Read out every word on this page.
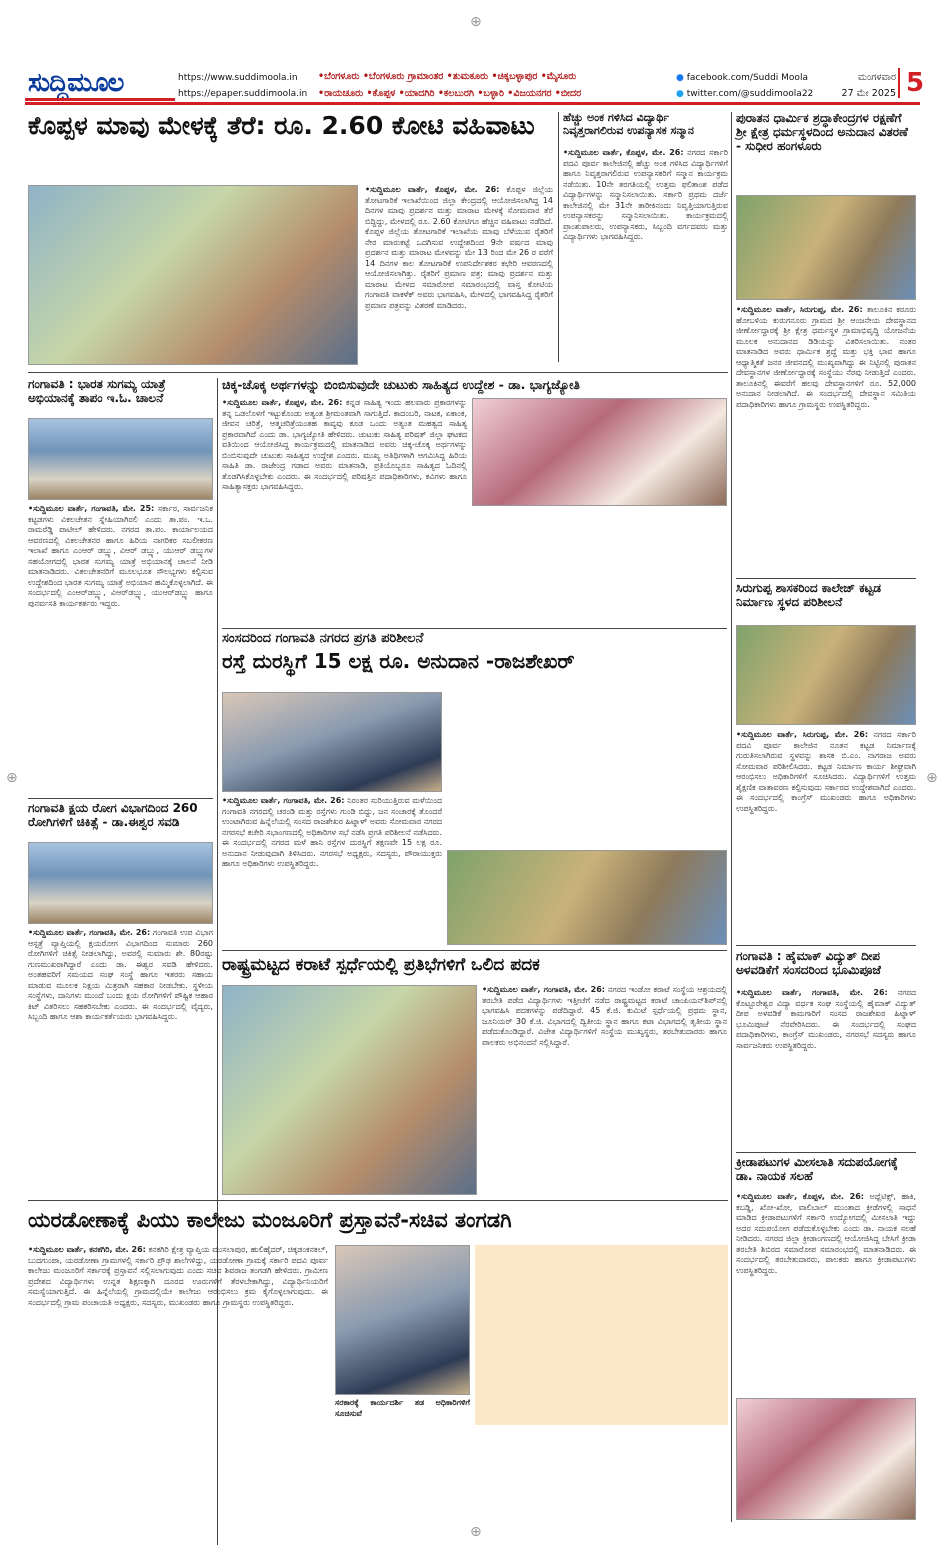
⊕
ಸುದ್ದಿಮೂಲ	https://www.suddimoola.in
https://epaper.suddimoola.in
•ಬೆಂಗಳೂರು •ಬೆಂಗಳೂರು ಗ್ರಾಮಾಂತರ •ತುಮಕೂರು •ಚಿಕ್ಕಬಳ್ಳಾಪುರ •ಮೈಸೂರು
•ರಾಯಚೂರು •ಕೊಪ್ಪಳ •ಯಾದಗಿರಿ •ಕಲಬುರಗಿ •ಬಳ್ಳಾರಿ •ವಿಜಯನಗರ •ಬೀದರ
● facebook.com/Suddi Moola
● twitter.com/@suddimoola22
ಮಂಗಳವಾರ
27 ಮೇ 2025 5
ಕೊಪ್ಪಳ ಮಾವು ಮೇಳಕ್ಕೆ ತೆರೆ: ರೂ. 2.60 ಕೋಟಿ ವಹಿವಾಟು
•ಸುದ್ದಿಮೂಲ ವಾರ್ತೆ, ಕೊಪ್ಪಳ, ಮೇ. 26: ಕೊಪ್ಪಳ ಜಿಲ್ಲೆಯ ತೋಟಗಾರಿಕೆ ಇಲಾಖೆಯಿಂದ ಜಿಲ್ಲಾ ಕೇಂದ್ರದಲ್ಲಿ ಆಯೋಜಿಸಲಾಗಿದ್ದ 14 ದಿನಗಳ ಮಾವು ಪ್ರದರ್ಶನ ಮತ್ತು ಮಾರಾಟ ಮೇಳಕ್ಕೆ ಸೋಮವಾರ ತೆರೆ ಬಿದ್ದಿದ್ದು, ಮೇಳದಲ್ಲಿ ರೂ. 2.60 ಕೋಟಿಗೂ ಹೆಚ್ಚಿನ ವಹಿವಾಟು ನಡೆದಿದೆ. ಕೊಪ್ಪಳ ಜಿಲ್ಲೆಯ ತೋಟಗಾರಿಕೆ ಇಲಾಖೆಯ ಮಾವು ಬೆಳೆಯುವ ರೈತರಿಗೆ ನೇರ ಮಾರುಕಟ್ಟೆ ಒದಗಿಸುವ ಉದ್ದೇಶದಿಂದ 9ನೇ ವರ್ಷದ ಮಾವು ಪ್ರದರ್ಶನ ಮತ್ತು ಮಾರಾಟ ಮೇಳವನ್ನು ಮೇ 13 ರಿಂದ ಮೇ 26 ರ ವರೆಗೆ 14 ದಿನಗಳ ಕಾಲ ತೋಟಗಾರಿಕೆ ಉಪನಿರ್ದೇಶಕರ ಕಛೇರಿ ಆವರಣದಲ್ಲಿ ಆಯೋಜಿಸಲಾಗಿತ್ತು. ರೈತರಿಗೆ ಪ್ರಮಾಣ ಪತ್ರ: ಮಾವು ಪ್ರದರ್ಶನ ಮತ್ತು ಮಾರಾಟ ಮೇಳದ ಸಮಾರೋಪ ಸಮಾರಂಭದಲ್ಲಿ ವಾಸ್ತ ಕೋಟಿಯ ಗಂಗಾವತಿ ವಾಕಳೆಕ್ ಅವರು ಭಾಗವಹಿಸಿ, ಮೇಳದಲ್ಲಿ ಭಾಗವಹಿಸಿದ್ದ ರೈತರಿಗೆ ಪ್ರಮಾಣ ಪತ್ರವನ್ನು ವಿತರಣೆ ಮಾಡಿದರು.
ಹೆಚ್ಚು ಅಂಕ ಗಳಿಸಿದ ವಿದ್ಯಾರ್ಥಿ ನಿವೃತ್ತರಾಗಲಿರುವ ಉಪನ್ಯಾಸಕ ಸನ್ಮಾನ
•ಸುದ್ದಿಮೂಲ ವಾರ್ತೆ, ಕೊಪ್ಪಳ, ಮೇ. 26: ನಗರದ ಸರ್ಕಾರಿ ಪದವಿ ಪೂರ್ವ ಕಾಲೇಜಿನಲ್ಲಿ ಹೆಚ್ಚು ಅಂಕ ಗಳಿಸಿದ ವಿದ್ಯಾರ್ಥಿಗಳಿಗೆ ಹಾಗೂ ನಿವೃತ್ತರಾಗಲಿರುವ ಉಪನ್ಯಾಸಕರಿಗೆ ಸನ್ಮಾನ ಕಾರ್ಯಕ್ರಮ ನಡೆಯಿತು. 10ನೇ ತರಗತಿಯಲ್ಲಿ ಉತ್ತಮ ಫಲಿತಾಂಶ ಪಡೆದ ವಿದ್ಯಾರ್ಥಿಗಳನ್ನು ಸನ್ಮಾನಿಸಲಾಯಿತು. ಸರ್ಕಾರಿ ಪ್ರಥಮ ದರ್ಜೆ ಕಾಲೇಜಿನಲ್ಲಿ ಮೇ 31ನೇ ತಾರೀಕಿನಂದು ನಿವೃತ್ತಿಯಾಗುತ್ತಿರುವ ಉಪನ್ಯಾಸಕರನ್ನು ಸನ್ಮಾನಿಸಲಾಯಿತು. ಕಾರ್ಯಕ್ರಮದಲ್ಲಿ ಪ್ರಾಂಶುಪಾಲರು, ಉಪನ್ಯಾಸಕರು, ಸಿಬ್ಬಂದಿ ವರ್ಗದವರು ಮತ್ತು ವಿದ್ಯಾರ್ಥಿಗಳು ಭಾಗವಹಿಸಿದ್ದರು.
ಪುರಾತನ ಧಾರ್ಮಿಕ ಶ್ರದ್ಧಾಕೇಂದ್ರಗಳ ರಕ್ಷಣೆಗೆ ಶ್ರೀ ಕ್ಷೇತ್ರ ಧರ್ಮಸ್ಥಳದಿಂದ ಅನುದಾನ ವಿತರಣೆ - ಸುಧೀರ ಹಂಗಳೂರು
•ಸುದ್ದಿಮೂಲ ವಾರ್ತೆ, ಸಿರುಗುಪ್ಪ, ಮೇ. 26: ತಾಲೂಕಿನ ಕರೂರು ಹೋಬಳಿಯ ಕುರುಗನೂರು ಗ್ರಾಮದ ಶ್ರೀ ಆಂಜನೇಯ ದೇವಸ್ಥಾನದ ಜೀರ್ಣೋದ್ಧಾರಕ್ಕೆ ಶ್ರೀ ಕ್ಷೇತ್ರ ಧರ್ಮಸ್ಥಳ ಗ್ರಾಮಾಭಿವೃದ್ಧಿ ಯೋಜನೆಯ ಮೂಲಕ ಅನುದಾನದ ಡಿಡಿಯನ್ನು ವಿತರಿಸಲಾಯಿತು. ನಂತರ ಮಾತನಾಡಿದ ಅವರು ಧಾರ್ಮಿಕ ಶ್ರದ್ಧೆ ಮತ್ತು ಭಕ್ತಿ ಭಾವ ಹಾಗೂ ಆಧ್ಯಾತ್ಮಿಕತೆ ಜನರ ಜೀವನದಲ್ಲಿ ಮುಖ್ಯವಾಗಿದ್ದು ಈ ನಿಟ್ಟಿನಲ್ಲಿ ಪುರಾತನ ದೇವಸ್ಥಾನಗಳ ಜೀರ್ಣೋದ್ಧಾರಕ್ಕೆ ಸಂಸ್ಥೆಯು ನೆರವು ನೀಡುತ್ತಿದೆ ಎಂದರು. ತಾಲೂಕಿನಲ್ಲಿ ಈವರೆಗೆ ಹಲವು ದೇವಸ್ಥಾನಗಳಿಗೆ ರೂ. 52,000 ಅನುದಾನ ನೀಡಲಾಗಿದೆ. ಈ ಸಂದರ್ಭದಲ್ಲಿ ದೇವಸ್ಥಾನ ಸಮಿತಿಯ ಪದಾಧಿಕಾರಿಗಳು ಹಾಗೂ ಗ್ರಾಮಸ್ಥರು ಉಪಸ್ಥಿತರಿದ್ದರು.
ಗಂಗಾವತಿ : ಭಾರತ ಸುಗಮ್ಯ ಯಾತ್ರೆ ಅಭಿಯಾನಕ್ಕೆ ತಾಪಂ ಇ.ಓ. ಚಾಲನೆ
•ಸುದ್ದಿಮೂಲ ವಾರ್ತೆ, ಗಂಗಾವತಿ, ಮೇ. 25: ಸರ್ಕಾರ, ಸಾರ್ವಜನಿಕ ಕಟ್ಟಡಗಳು ವಿಕಲಚೇತನ ಸ್ನೇಹಿಯಾಗಿರಲಿ ಎಂದು ತಾ.ಪಂ. ಇ.ಒ. ರಾಮರೆಡ್ಡಿ ಪಾಟೀಲ್ ಹೇಳಿದರು. ನಗರದ ತಾ.ಪಂ. ಕಾರ್ಯಾಲಯದ ಆವರಣದಲ್ಲಿ ವಿಕಲಚೇತನರ ಹಾಗೂ ಹಿರಿಯ ನಾಗರಿಕರ ಸಬಲೀಕರಣ ಇಲಾಖೆ ಹಾಗೂ ಎಂಆರ್ ಡಬ್ಲ್ಯು, ವಿಆರ್ ಡಬ್ಲ್ಯು, ಯುಆರ್ ಡಬ್ಲ್ಯುಗಳ ಸಹಯೋಗದಲ್ಲಿ ಭಾರತ ಸುಗಮ್ಯ ಯಾತ್ರೆ ಅಭಿಯಾನಕ್ಕೆ ಚಾಲನೆ ನೀಡಿ ಮಾತನಾಡಿದರು. ವಿಕಲಚೇತನರಿಗೆ ಮೂಲಭೂತ ಸೌಲಭ್ಯಗಳು ಕಲ್ಪಿಸುವ ಉದ್ದೇಶದಿಂದ ಭಾರತ ಸುಗಮ್ಯ ಯಾತ್ರೆ ಅಭಿಯಾನ ಹಮ್ಮಿಕೊಳ್ಳಲಾಗಿದೆ. ಈ ಸಂದರ್ಭದಲ್ಲಿ ಎಂಆರ್‌ಡಬ್ಲ್ಯು, ವಿಆರ್‌ಡಬ್ಲ್ಯು, ಯುಆರ್‌ಡಬ್ಲ್ಯು ಹಾಗೂ ಪುನರ್ವಸತಿ ಕಾರ್ಯಕರ್ತರು ಇದ್ದರು.
ಚಿಕ್ಕ-ಚೊಕ್ಕ ಅರ್ಥಗಳನ್ನು ಬಿಂಬಿಸುವುದೇ ಚುಟುಕು ಸಾಹಿತ್ಯದ ಉದ್ದೇಶ - ಡಾ. ಭಾಗ್ಯಜ್ಯೋತಿ
•ಸುದ್ದಿಮೂಲ ವಾರ್ತೆ, ಕೊಪ್ಪಳ, ಮೇ. 26: ಕನ್ನಡ ಸಾಹಿತ್ಯ ಇಂದು ಹಲವಾರು ಪ್ರಕಾರಗಳನ್ನು ತನ್ನ ಒಡಲೊಳಗೆ ಇಟ್ಟುಕೊಂಡು ಅತ್ಯಂತ ಶ್ರೀಮಂತವಾಗಿ ಸಾಗುತ್ತಿದೆ. ಕಾದಂಬರಿ, ನಾಟಕ, ಏಕಾಂಕ, ಜೀವನ ಚರಿತ್ರೆ, ಆತ್ಮಚರಿತ್ರೆಯಂತಹ ಕಾವ್ಯವು ಕೂಡ ಒಂದು ಅತ್ಯಂತ ಮಹತ್ವದ ಸಾಹಿತ್ಯ ಪ್ರಕಾರವಾಗಿದೆ ಎಂದು ಡಾ. ಭಾಗ್ಯಜ್ಯೋತಿ ಹೇಳಿದರು. ಚುಟುಕು ಸಾಹಿತ್ಯ ಪರಿಷತ್ ಜಿಲ್ಲಾ ಘಟಕದ ವತಿಯಿಂದ ಆಯೋಜಿಸಿದ್ದ ಕಾರ್ಯಕ್ರಮದಲ್ಲಿ ಮಾತನಾಡಿದ ಅವರು ಚಿಕ್ಕ-ಚೊಕ್ಕ ಅರ್ಥಗಳನ್ನು ಬಿಂಬಿಸುವುದೇ ಚುಟುಕು ಸಾಹಿತ್ಯದ ಉದ್ದೇಶ ಎಂದರು. ಮುಖ್ಯ ಅತಿಥಿಗಳಾಗಿ ಆಗಮಿಸಿದ್ದ ಹಿರಿಯ ಸಾಹಿತಿ ಡಾ. ರಾಜೇಂದ್ರ ಗಡಾದ ಅವರು ಮಾತನಾಡಿ, ಪ್ರತಿಯೊಬ್ಬರೂ ಸಾಹಿತ್ಯದ ಓದಿನಲ್ಲಿ ತೊಡಗಿಸಿಕೊಳ್ಳಬೇಕು ಎಂದರು. ಈ ಸಂದರ್ಭದಲ್ಲಿ ಪರಿಷತ್ತಿನ ಪದಾಧಿಕಾರಿಗಳು, ಕವಿಗಳು ಹಾಗೂ ಸಾಹಿತ್ಯಾಸಕ್ತರು ಭಾಗವಹಿಸಿದ್ದರು.
ಸಂಸದರಿಂದ ಗಂಗಾವತಿ ನಗರದ ಪ್ರಗತಿ ಪರಿಶೀಲನೆ
ರಸ್ತೆ ದುರಸ್ಥಿಗೆ 15 ಲಕ್ಷ ರೂ. ಅನುದಾನ -ರಾಜಶೇಖರ್
•ಸುದ್ದಿಮೂಲ ವಾರ್ತೆ, ಗಂಗಾವತಿ, ಮೇ. 26: ನಿರಂತರ ಸುರಿಯುತ್ತಿರುವ ಮಳೆಯಿಂದ ಗಂಗಾವತಿ ನಗರದಲ್ಲಿ ಚರಂಡಿ ಮತ್ತು ರಸ್ತೆಗಳು ಗುಂಡಿ ಬಿದ್ದು, ಜನ ಸಂಚಾರಕ್ಕೆ ತೊಂದರೆ ಉಂಟಾಗಿರುವ ಹಿನ್ನೆಲೆಯಲ್ಲಿ ಸಂಸದ ರಾಜಶೇಖರ ಹಿಟ್ನಾಳ್ ಅವರು ಸೋಮವಾರ ನಗರದ ನಗರಸಭೆ ಕಚೇರಿ ಸಭಾಂಗಣದಲ್ಲಿ ಅಧಿಕಾರಿಗಳ ಸಭೆ ನಡೆಸಿ ಪ್ರಗತಿ ಪರಿಶೀಲನೆ ನಡೆಸಿದರು. ಈ ಸಂದರ್ಭದಲ್ಲಿ ನಗರದ ಮಳೆ ಹಾನಿ ರಸ್ತೆಗಳ ದುರಸ್ಥಿಗೆ ತಕ್ಷಣವೇ 15 ಲಕ್ಷ ರೂ. ಅನುದಾನ ನೀಡುವುದಾಗಿ ತಿಳಿಸಿದರು. ನಗರಸಭೆ ಅಧ್ಯಕ್ಷರು, ಸದಸ್ಯರು, ಪೌರಾಯುಕ್ತರು ಹಾಗೂ ಅಧಿಕಾರಿಗಳು ಉಪಸ್ಥಿತರಿದ್ದರು.
ಗಂಗಾವತಿ ಕ್ಷಯ ರೋಗ ವಿಭಾಗದಿಂದ 260 ರೋಗಿಗಳಿಗೆ ಚಿಕಿತ್ಸೆ - ಡಾ.ಈಶ್ವರ ಸವಡಿ
•ಸುದ್ದಿಮೂಲ ವಾರ್ತೆ, ಗಂಗಾವತಿ, ಮೇ. 26: ಗಂಗಾವತಿ ಉಪ ವಿಭಾಗ ಆಸ್ಪತ್ರೆ ವ್ಯಾಪ್ತಿಯಲ್ಲಿ ಕ್ಷಯರೋಗ ವಿಭಾಗದಿಂದ ಸುಮಾರು 260 ರೋಗಿಗಳಿಗೆ ಚಿಕಿತ್ಸೆ ನೀಡಲಾಗಿದ್ದು, ಅವರಲ್ಲಿ ಸುಮಾರು ಶೇ. 80ರಷ್ಟು ಗುಣಮುಖರಾಗಿದ್ದಾರೆ ಎಂದು ಡಾ. ಈಶ್ವರ ಸವಡಿ ಹೇಳಿದರು. ಅಂತಹವರಿಗೆ ಸಮಯದ ಸಂಘ ಸಂಸ್ಥೆ ಹಾಗೂ ಇತರರು ಸಹಾಯ ಮಾಡುವ ಮೂಲಕ ನಿಕ್ಷಯ ಮಿತ್ರರಾಗಿ ಸಹಕಾರ ನೀಡಬೇಕು. ಸ್ಥಳೀಯ ಸಂಸ್ಥೆಗಳು, ದಾನಿಗಳು ಮುಂದೆ ಬಂದು ಕ್ಷಯ ರೋಗಿಗಳಿಗೆ ಪೌಷ್ಟಿಕ ಆಹಾರ ಕಿಟ್ ವಿತರಿಸಲು ಸಹಕರಿಸಬೇಕು ಎಂದರು. ಈ ಸಂದರ್ಭದಲ್ಲಿ ವೈದ್ಯರು, ಸಿಬ್ಬಂದಿ ಹಾಗೂ ಆಶಾ ಕಾರ್ಯಕರ್ತೆಯರು ಭಾಗವಹಿಸಿದ್ದರು.
ಸಿರುಗುಪ್ಪ ಶಾಸಕರಿಂದ ಕಾಲೇಜ್ ಕಟ್ಟಡ ನಿರ್ಮಾಣ ಸ್ಥಳದ ಪರಿಶೀಲನೆ
•ಸುದ್ದಿಮೂಲ ವಾರ್ತೆ, ಸಿರುಗುಪ್ಪ, ಮೇ. 26: ನಗರದ ಸರ್ಕಾರಿ ಪದವಿ ಪೂರ್ವ ಕಾಲೇಜಿನ ನೂತನ ಕಟ್ಟಡ ನಿರ್ಮಾಣಕ್ಕೆ ಗುರುತಿಸಲಾಗಿರುವ ಸ್ಥಳವನ್ನು ಶಾಸಕ ಬಿ.ಎಂ. ನಾಗರಾಜ ಅವರು ಸೋಮವಾರ ಪರಿಶೀಲಿಸಿದರು. ಕಟ್ಟಡ ನಿರ್ಮಾಣ ಕಾರ್ಯ ಶೀಘ್ರವಾಗಿ ಆರಂಭಿಸಲು ಅಧಿಕಾರಿಗಳಿಗೆ ಸೂಚಿಸಿದರು. ವಿದ್ಯಾರ್ಥಿಗಳಿಗೆ ಉತ್ತಮ ಶೈಕ್ಷಣಿಕ ವಾತಾವರಣ ಕಲ್ಪಿಸುವುದು ಸರ್ಕಾರದ ಉದ್ದೇಶವಾಗಿದೆ ಎಂದರು. ಈ ಸಂದರ್ಭದಲ್ಲಿ ಕಾಂಗ್ರೆಸ್ ಮುಖಂಡರು ಹಾಗೂ ಅಧಿಕಾರಿಗಳು ಉಪಸ್ಥಿತರಿದ್ದರು.
ರಾಷ್ಟ್ರಮಟ್ಟದ ಕರಾಟೆ ಸ್ಪರ್ಧೆಯಲ್ಲಿ ಪ್ರತಿಭೆಗಳಿಗೆ ಒಲಿದ ಪದಕ
•ಸುದ್ದಿಮೂಲ ವಾರ್ತೆ, ಗಂಗಾವತಿ, ಮೇ. 26: ನಗರದ ಇಂಡೋ ಕರಾಟೆ ಸಂಸ್ಥೆಯ ಆಶ್ರಯದಲ್ಲಿ ತರಬೇತಿ ಪಡೆದ ವಿದ್ಯಾರ್ಥಿಗಳು ಇತ್ತೀಚೆಗೆ ನಡೆದ ರಾಷ್ಟ್ರಮಟ್ಟದ ಕರಾಟೆ ಚಾಂಪಿಯನ್‌ಶಿಪ್‌ನಲ್ಲಿ ಭಾಗವಹಿಸಿ ಪದಕಗಳನ್ನು ಪಡೆದಿದ್ದಾರೆ. 45 ಕೆ.ಜಿ. ಕುಮಿಟೆ ಸ್ಪರ್ಧೆಯಲ್ಲಿ ಪ್ರಥಮ ಸ್ಥಾನ, ಜೂನಿಯರ್ 30 ಕೆ.ಜಿ. ವಿಭಾಗದಲ್ಲಿ ದ್ವಿತೀಯ ಸ್ಥಾನ ಹಾಗೂ ಕಟಾ ವಿಭಾಗದಲ್ಲಿ ತೃತೀಯ ಸ್ಥಾನ ಪಡೆದುಕೊಂಡಿದ್ದಾರೆ. ವಿಜೇತ ವಿದ್ಯಾರ್ಥಿಗಳಿಗೆ ಸಂಸ್ಥೆಯ ಮುಖ್ಯಸ್ಥರು, ತರಬೇತುದಾರರು ಹಾಗೂ ಪಾಲಕರು ಅಭಿನಂದನೆ ಸಲ್ಲಿಸಿದ್ದಾರೆ.
ಗಂಗಾವತಿ : ಹೈಮಾಕ್ ವಿದ್ಯುತ್ ದೀಪ ಅಳವಡಿಕೆಗೆ ಸಂಸದರಿಂದ ಭೂಮಿಪೂಜೆ
•ಸುದ್ದಿಮೂಲ ವಾರ್ತೆ, ಗಂಗಾವತಿ, ಮೇ. 26: ನಗರದ ಕೊಟ್ಟೂರೇಶ್ವರ ವಿದ್ಯಾ ವರ್ಧಕ ಸಂಘ ಸಂಸ್ಥೆಯಲ್ಲಿ ಹೈಮಾಕ್ ವಿದ್ಯುತ್ ದೀಪ ಅಳವಡಿಕೆ ಕಾಮಗಾರಿಗೆ ಸಂಸದ ರಾಜಶೇಖರ ಹಿಟ್ನಾಳ್ ಭೂಮಿಪೂಜೆ ನೆರವೇರಿಸಿದರು. ಈ ಸಂದರ್ಭದಲ್ಲಿ ಸಂಘದ ಪದಾಧಿಕಾರಿಗಳು, ಕಾಂಗ್ರೆಸ್ ಮುಖಂಡರು, ನಗರಸಭೆ ಸದಸ್ಯರು ಹಾಗೂ ಸಾರ್ವಜನಿಕರು ಉಪಸ್ಥಿತರಿದ್ದರು.
ಕ್ರೀಡಾಪಟುಗಳ ಮೀಸಲಾತಿ ಸದುಪಯೋಗಕ್ಕೆ ಡಾ. ನಾಯಕ ಸಲಹೆ
•ಸುದ್ದಿಮೂಲ ವಾರ್ತೆ, ಕೊಪ್ಪಳ, ಮೇ. 26: ಅಥ್ಲೆಟಿಕ್ಸ್, ಹಾಕಿ, ಕಬಡ್ಡಿ, ಖೋ-ಖೋ, ವಾಲಿಬಾಲ್ ಮುಂತಾದ ಕ್ರೀಡೆಗಳಲ್ಲಿ ಸಾಧನೆ ಮಾಡಿದ ಕ್ರೀಡಾಪಟುಗಳಿಗೆ ಸರ್ಕಾರಿ ಉದ್ಯೋಗದಲ್ಲಿ ಮೀಸಲಾತಿ ಇದ್ದು ಅದರ ಸದುಪಯೋಗ ಪಡೆದುಕೊಳ್ಳಬೇಕು ಎಂದು ಡಾ. ನಾಯಕ ಸಲಹೆ ನೀಡಿದರು. ನಗರದ ಜಿಲ್ಲಾ ಕ್ರೀಡಾಂಗಣದಲ್ಲಿ ಆಯೋಜಿಸಿದ್ದ ಬೇಸಿಗೆ ಕ್ರೀಡಾ ತರಬೇತಿ ಶಿಬಿರದ ಸಮಾರೋಪ ಸಮಾರಂಭದಲ್ಲಿ ಮಾತನಾಡಿದರು. ಈ ಸಂದರ್ಭದಲ್ಲಿ ತರಬೇತುದಾರರು, ಪಾಲಕರು ಹಾಗೂ ಕ್ರೀಡಾಪಟುಗಳು ಉಪಸ್ಥಿತರಿದ್ದರು.
ಯರಡೋಣಾಕ್ಕೆ ಪಿಯು ಕಾಲೇಜು ಮಂಜೂರಿಗೆ ಪ್ರಸ್ತಾವನೆ-ಸಚಿವ ತಂಗಡಗಿ
•ಸುದ್ದಿಮೂಲ ವಾರ್ತೆ, ಕನಕಗಿರಿ, ಮೇ. 26: ಕನಕಗಿರಿ ಕ್ಷೇತ್ರ ವ್ಯಾಪ್ತಿಯ ಮುಸಲಾಪುರ, ಹುಲಿಹೈದರ್, ಚಿಕ್ಕಡಂಕನಕಲ್, ಬುದಗುಂಪಾ, ಯರಡೋಣಾ ಗ್ರಾಮಗಳಲ್ಲಿ ಸರ್ಕಾರಿ ಪ್ರೌಢ ಶಾಲೆಗಳಿದ್ದು, ಯರಡೋಣಾ ಗ್ರಾಮಕ್ಕೆ ಸರ್ಕಾರಿ ಪದವಿ ಪೂರ್ವ ಕಾಲೇಜು ಮಂಜೂರಿಗೆ ಸರ್ಕಾರಕ್ಕೆ ಪ್ರಸ್ತಾವನೆ ಸಲ್ಲಿಸಲಾಗುವುದು ಎಂದು ಸಚಿವ ಶಿವರಾಜ ತಂಗಡಗಿ ಹೇಳಿದರು. ಗ್ರಾಮೀಣ ಪ್ರದೇಶದ ವಿದ್ಯಾರ್ಥಿಗಳು ಉನ್ನತ ಶಿಕ್ಷಣಕ್ಕಾಗಿ ದೂರದ ಊರುಗಳಿಗೆ ತೆರಳಬೇಕಾಗಿದ್ದು, ವಿದ್ಯಾರ್ಥಿನಿಯರಿಗೆ ಸಮಸ್ಯೆಯಾಗುತ್ತಿದೆ. ಈ ಹಿನ್ನೆಲೆಯಲ್ಲಿ ಗ್ರಾಮದಲ್ಲಿಯೇ ಕಾಲೇಜು ಆರಂಭಿಸಲು ಕ್ರಮ ಕೈಗೊಳ್ಳಲಾಗುವುದು. ಈ ಸಂದರ್ಭದಲ್ಲಿ ಗ್ರಾಮ ಪಂಚಾಯತಿ ಅಧ್ಯಕ್ಷರು, ಸದಸ್ಯರು, ಮುಖಂಡರು ಹಾಗೂ ಗ್ರಾಮಸ್ಥರು ಉಪಸ್ಥಿತರಿದ್ದರು.
ಸರಕಾರಕ್ಕೆ ಕಾರ್ಯದರ್ಶಿ ತಡ ಅಧಿಕಾರಿಗಳಿಗೆ ಸೂಚಿಸುವೆ
⊕	⊕
⊕
